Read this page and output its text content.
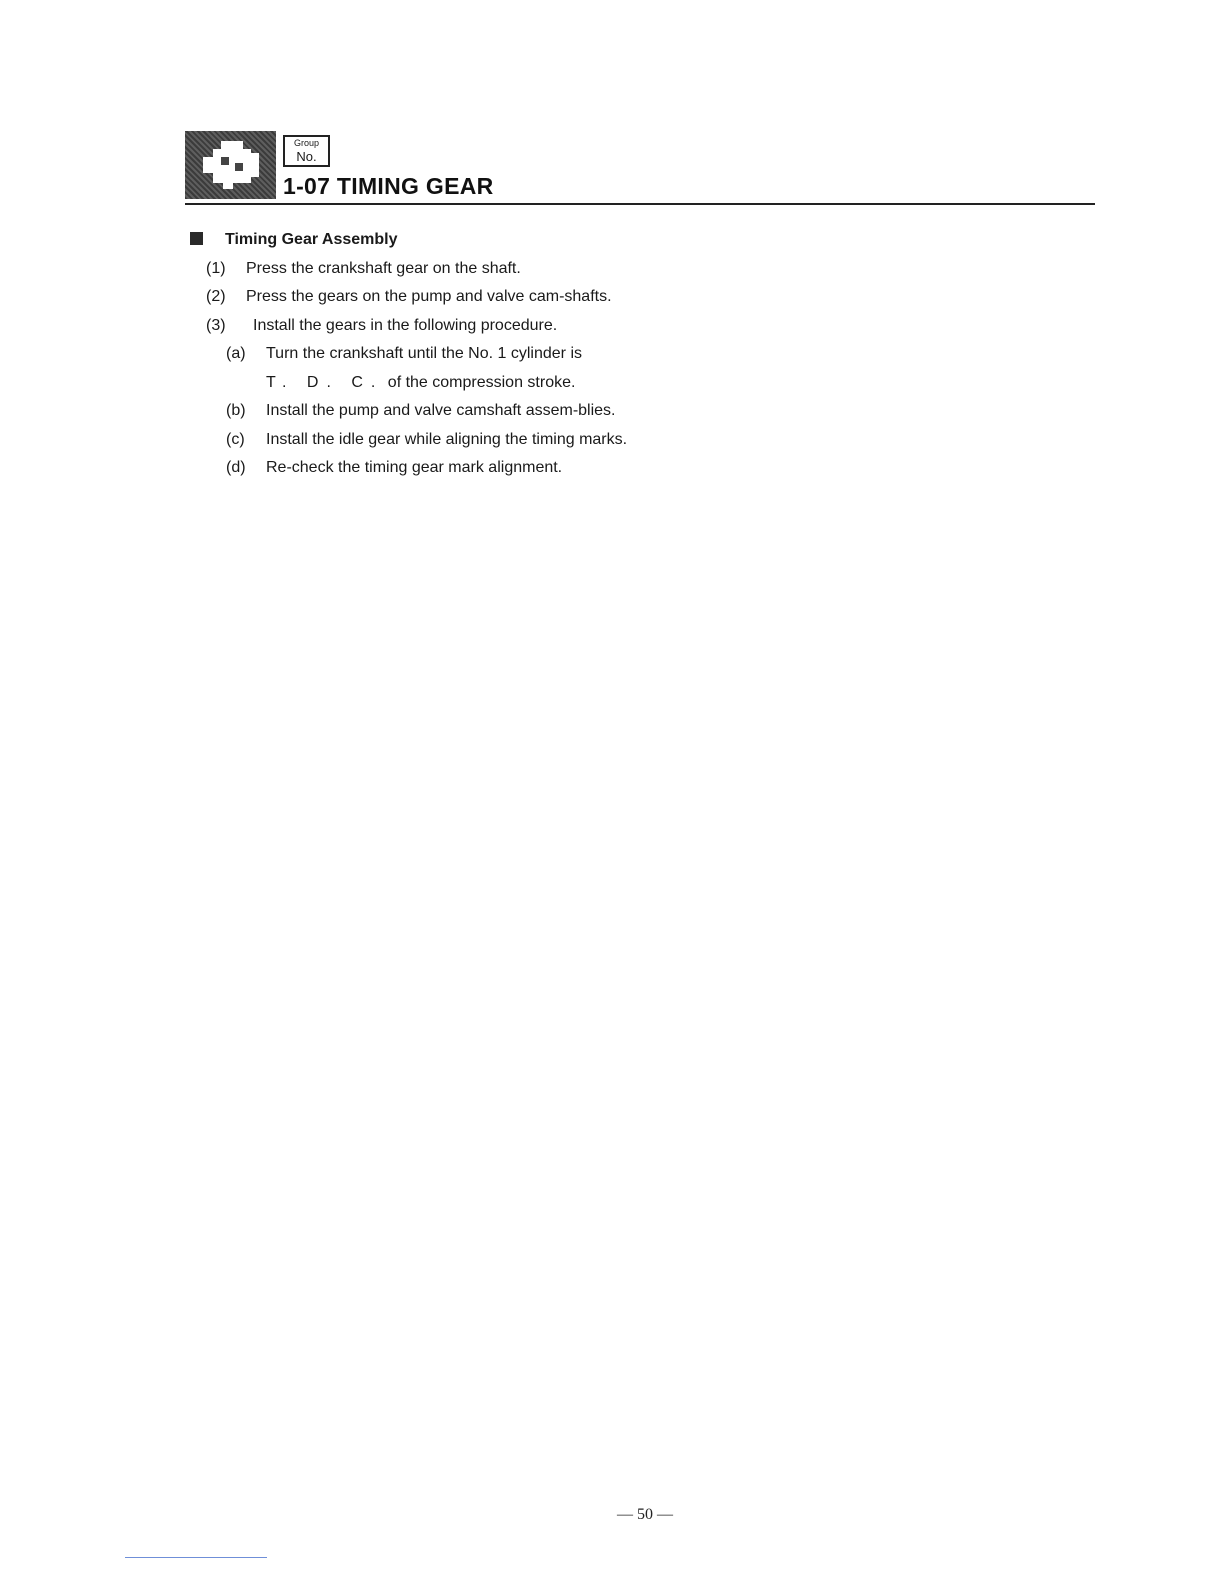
Group
No.
1-07 TIMING GEAR
Timing Gear Assembly
(1) Press the crankshaft gear on the shaft.
(2) Press the gears on the pump and valve cam-shafts.
(3) Install the gears in the following procedure.
(a) Turn the crankshaft until the No. 1 cylinder is
T. D. C. of the compression stroke.
(b) Install the pump and valve camshaft assem-blies.
(c) Install the idle gear while aligning the timing marks.
(d) Re-check the timing gear mark alignment.
— 50 —
